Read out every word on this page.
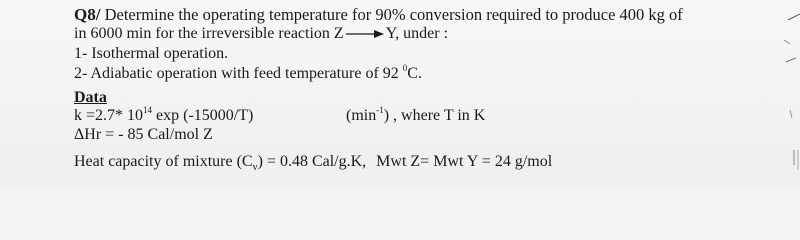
Q8/ Determine the operating temperature for 90% conversion required to produce 400 kg of
in 6000 min for the irreversible reaction Z → Y, under :
1- Isothermal operation.
2- Adiabatic operation with feed temperature of 92 $^0$C.
Data
k =2.7* $10^{14}$ exp (-15000/T)	$(\min^{-1})$ , where T in K
ΔHr = - 85 Cal/mol Z
Heat capacity of mixture $(C_v) = 0.48$ Cal/g.K, Mwt Z= Mwt Y = 24 g/mol
